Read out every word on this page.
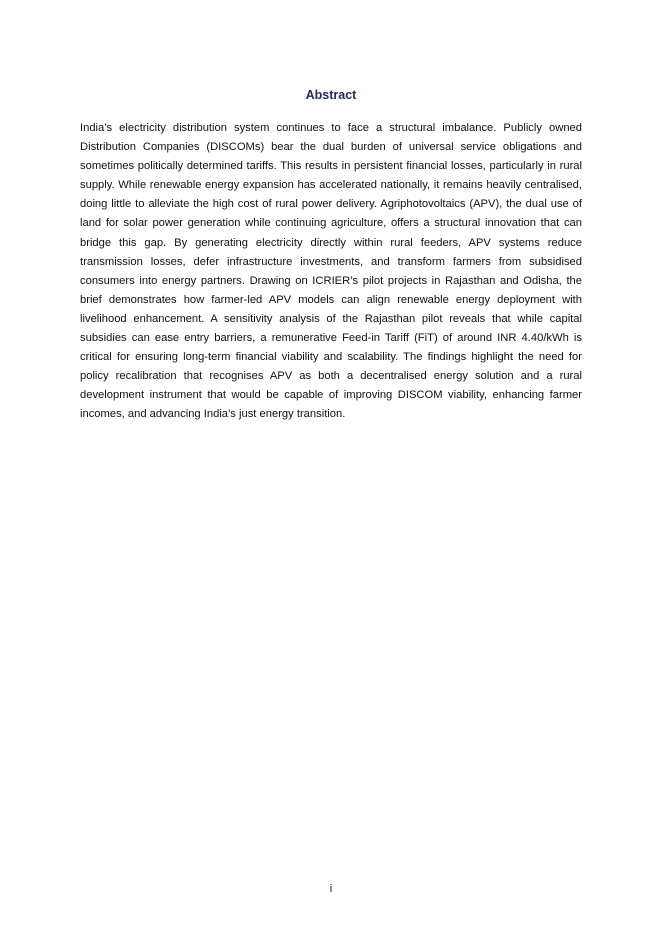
Abstract

India’s electricity distribution system continues to face a structural imbalance. Publicly owned Distribution Companies (DISCOMs) bear the dual burden of universal service obligations and sometimes politically determined tariffs. This results in persistent financial losses, particularly in rural supply. While renewable energy expansion has accelerated nationally, it remains heavily centralised, doing little to alleviate the high cost of rural power delivery. Agriphotovoltaics (APV), the dual use of land for solar power generation while continuing agriculture, offers a structural innovation that can bridge this gap. By generating electricity directly within rural feeders, APV systems reduce transmission losses, defer infrastructure investments, and transform farmers from subsidised consumers into energy partners. Drawing on ICRIER’s pilot projects in Rajasthan and Odisha, the brief demonstrates how farmer-led APV models can align renewable energy deployment with livelihood enhancement. A sensitivity analysis of the Rajasthan pilot reveals that while capital subsidies can ease entry barriers, a remunerative Feed-in Tariff (FiT) of around INR 4.40/kWh is critical for ensuring long-term financial viability and scalability. The findings highlight the need for policy recalibration that recognises APV as both a decentralised energy solution and a rural development instrument that would be capable of improving DISCOM viability, enhancing farmer incomes, and advancing India’s just energy transition.

i
